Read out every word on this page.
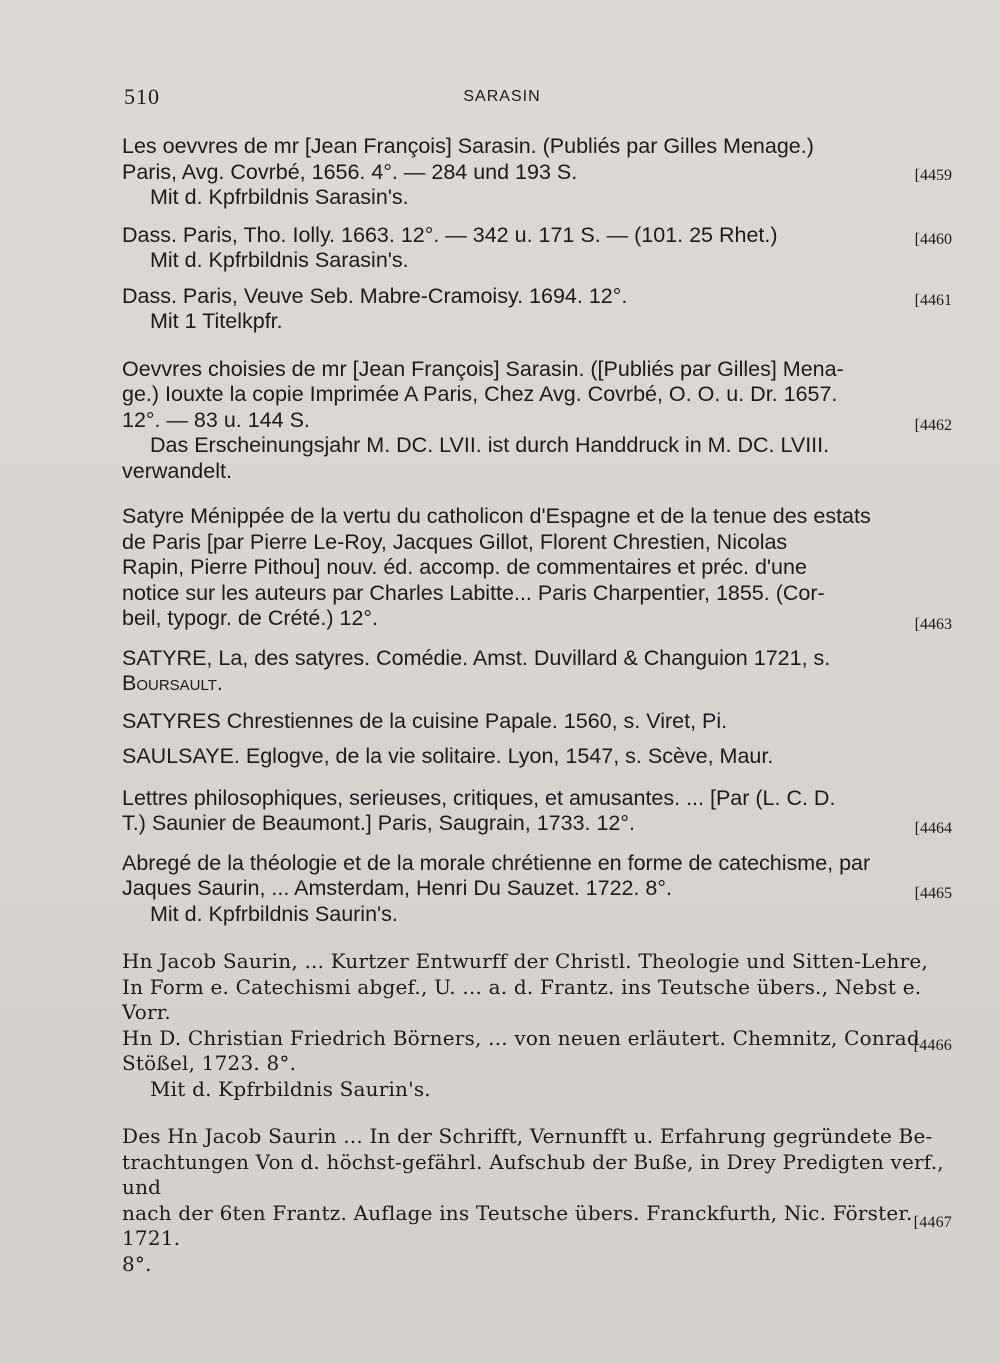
510	SARASIN

Les oevvres de mr [Jean François] Sarasin. (Publiés par Gilles Menage.)

Paris, Avg. Covrbé, 1656. 4°. — 284 und 193 S.

Mit d. Kpfrbildnis Sarasin's.

[4459

Dass. Paris, Tho. Iolly. 1663. 12°. — 342 u. 171 S. — (101. 25 Rhet.)

Mit d. Kpfrbildnis Sarasin's.

[4460

Dass. Paris, Veuve Seb. Mabre-Cramoisy. 1694. 12°.

Mit 1 Titelkpfr.

[4461

Oevvres choisies de mr [Jean François] Sarasin. ([Publiés par Gilles] Mena-

ge.) Iouxte la copie Imprimée A Paris, Chez Avg. Covrbé, O. O. u. Dr. 1657.

12°. — 83 u. 144 S.

Das Erscheinungsjahr M. DC. LVII. ist durch Handdruck in M. DC. LVIII.

verwandelt.

[4462

Satyre Ménippée de la vertu du catholicon d'Espagne et de la tenue des estats

de Paris [par Pierre Le-Roy, Jacques Gillot, Florent Chrestien, Nicolas

Rapin, Pierre Pithou] nouv. éd. accomp. de commentaires et préc. d'une

notice sur les auteurs par Charles Labitte... Paris Charpentier, 1855. (Cor-

beil, typogr. de Crété.) 12°.	[4463

SATYRE, La, des satyres. Comédie. Amst. Duvillard & Changuion 1721, s.

Boursault.

SATYRES Chrestiennes de la cuisine Papale. 1560, s. Viret, Pi.

SAULSAYE. Eglogve, de la vie solitaire. Lyon, 1547, s. Scève, Maur.

Lettres philosophiques, serieuses, critiques, et amusantes. ... [Par (L. C. D.

T.) Saunier de Beaumont.] Paris, Saugrain, 1733. 12°.	[4464

Abregé de la théologie et de la morale chrétienne en forme de catechisme, par

Jaques Saurin, ... Amsterdam, Henri Du Sauzet. 1722. 8°.

Mit d. Kpfrbildnis Saurin's.

[4465

Hn Jacob Saurin, ... Kurtzer Entwurff der Christl. Theologie und Sitten-Lehre,

In Form e. Catechismi abgef., U. ... a. d. Frantz. ins Teutsche übers., Nebst e. Vorr.

Hn D. Christian Friedrich Börners, ... von neuen erläutert. Chemnitz, Conrad

Stößel, 1723. 8°.

Mit d. Kpfrbildnis Saurin's.

[4466

Des Hn Jacob Saurin ... In der Schrifft, Vernunfft u. Erfahrung gegründete Be-

trachtungen Von d. höchst-gefährl. Aufschub der Buße, in Drey Predigten verf., und

nach der 6ten Frantz. Auflage ins Teutsche übers. Franckfurth, Nic. Förster. 1721.

8°.

[4467
